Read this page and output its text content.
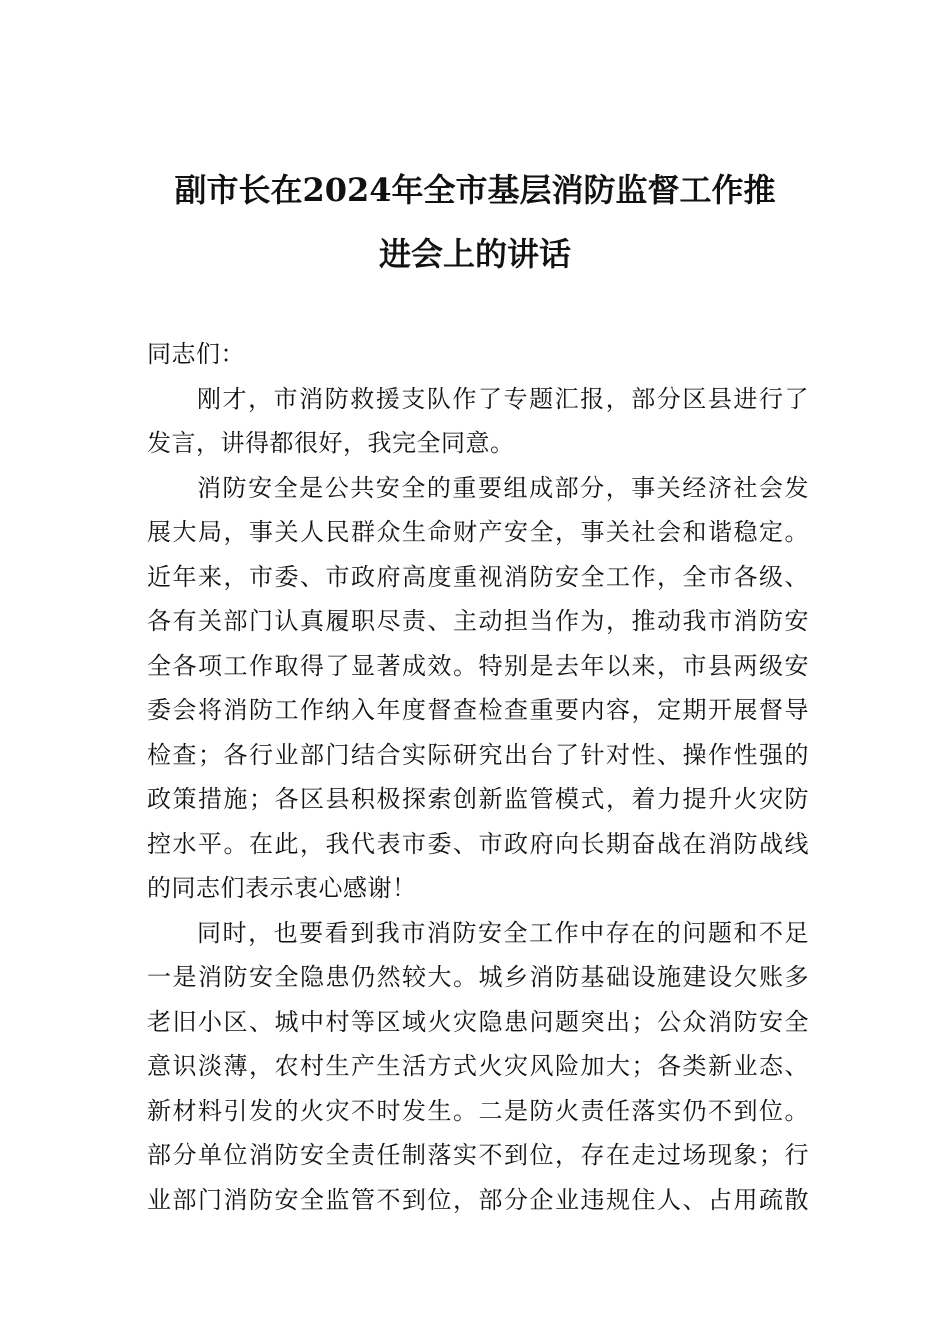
副市长在2024年全市基层消防监督工作推
进会上的讲话
同志们：
刚才，市消防救援支队作了专题汇报，部分区县进行了
发言，讲得都很好，我完全同意。
消防安全是公共安全的重要组成部分，事关经济社会发
展大局，事关人民群众生命财产安全，事关社会和谐稳定。
近年来，市委、市政府高度重视消防安全工作，全市各级、
各有关部门认真履职尽责、主动担当作为，推动我市消防安
全各项工作取得了显著成效。特别是去年以来，市县两级安
委会将消防工作纳入年度督查检查重要内容，定期开展督导
检查；各行业部门结合实际研究出台了针对性、操作性强的
政策措施；各区县积极探索创新监管模式，着力提升火灾防
控水平。在此，我代表市委、市政府向长期奋战在消防战线
的同志们表示衷心感谢！
同时，也要看到我市消防安全工作中存在的问题和不足
一是消防安全隐患仍然较大。城乡消防基础设施建设欠账多
老旧小区、城中村等区域火灾隐患问题突出；公众消防安全
意识淡薄，农村生产生活方式火灾风险加大；各类新业态、
新材料引发的火灾不时发生。二是防火责任落实仍不到位。
部分单位消防安全责任制落实不到位，存在走过场现象；行
业部门消防安全监管不到位，部分企业违规住人、占用疏散
